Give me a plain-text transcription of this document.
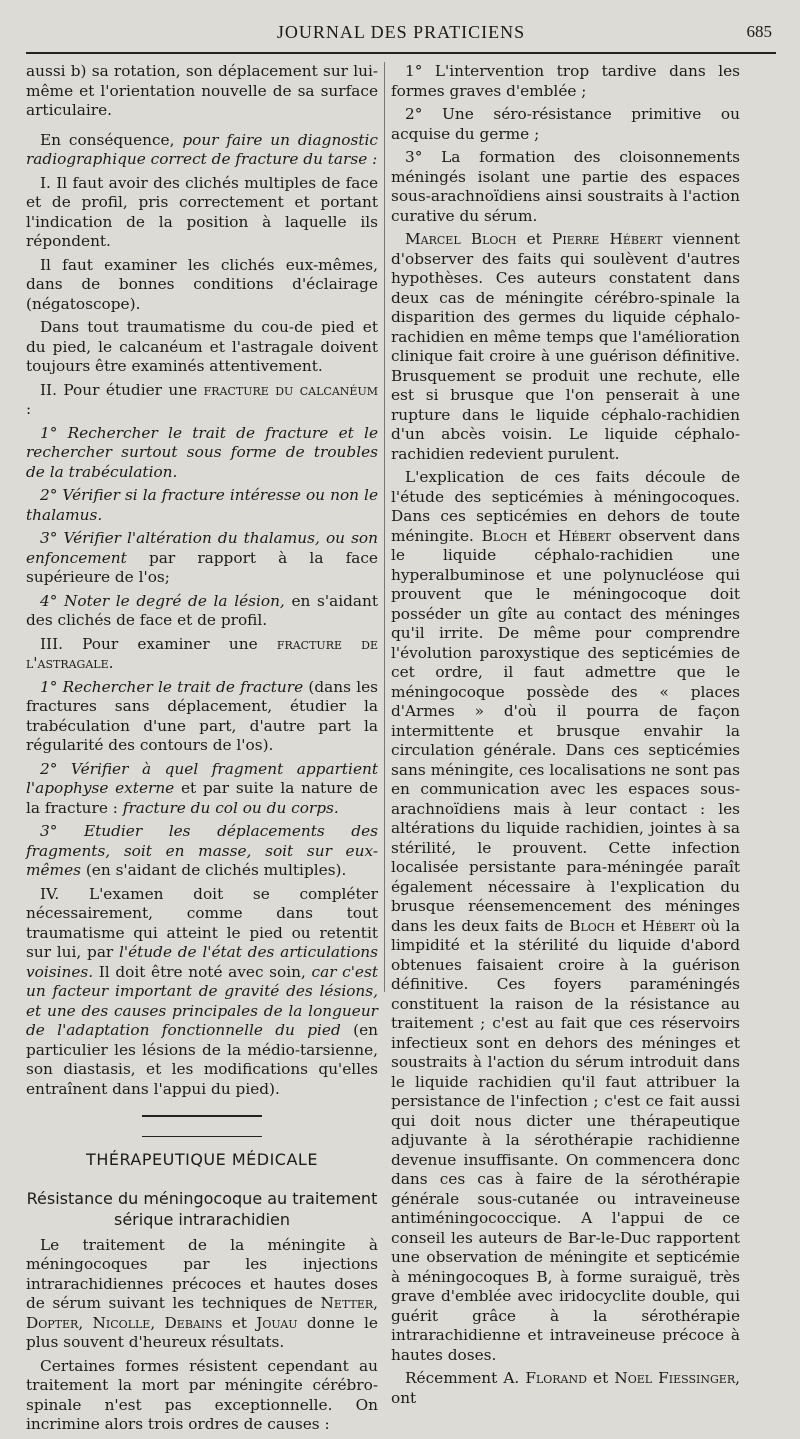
JOURNAL DES PRATICIENS	685

aussi b) sa rotation, son déplacement sur lui-même et l'orientation nouvelle de sa surface articulaire.

En conséquence, pour faire un diagnostic radiographique correct de fracture du tarse :

I. Il faut avoir des clichés multiples de face et de profil, pris correctement et portant l'indication de la position à laquelle ils répondent.

Il faut examiner les clichés eux-mêmes, dans de bonnes conditions d'éclairage (négatoscope).

Dans tout traumatisme du cou-de pied et du pied, le calcanéum et l'astragale doivent toujours être examinés attentivement.

II. Pour étudier une fracture du calcanéum :

1° Rechercher le trait de fracture et le rechercher surtout sous forme de troubles de la trabéculation.

2° Vérifier si la fracture intéresse ou non le thalamus.

3° Vérifier l'altération du thalamus, ou son enfoncement par rapport à la face supérieure de l'os;

4° Noter le degré de la lésion, en s'aidant des clichés de face et de profil.

III. Pour examiner une fracture de l'astragale.

1° Rechercher le trait de fracture (dans les fractures sans déplacement, étudier la trabéculation d'une part, d'autre part la régularité des contours de l'os).

2° Vérifier à quel fragment appartient l'apophyse externe et par suite la nature de la fracture : fracture du col ou du corps.

3° Etudier les déplacements des fragments, soit en masse, soit sur eux-mêmes (en s'aidant de clichés multiples).

IV. L'examen doit se compléter nécessairement, comme dans tout traumatisme qui atteint le pied ou retentit sur lui, par l'étude de l'état des articulations voisines. Il doit être noté avec soin, car c'est un facteur important de gravité des lésions, et une des causes principales de la longueur de l'adaptation fonctionnelle du pied (en particulier les lésions de la médio-tarsienne, son diastasis, et les modifications qu'elles entraînent dans l'appui du pied).

THÉRAPEUTIQUE MÉDICALE
Résistance du méningocoque au traitement sérique intrarachidien

Le traitement de la méningite à méningocoques par les injections intrarachidiennes précoces et hautes doses de sérum suivant les techniques de Netter, Dopter, Nicolle, Debains et Jouau donne le plus souvent d'heureux résultats.

Certaines formes résistent cependant au traitement la mort par méningite cérébro-spinale n'est pas exceptionnelle. On incrimine alors trois ordres de causes :

1° L'intervention trop tardive dans les formes graves d'emblée ;

2° Une séro-résistance primitive ou acquise du germe ;

3° La formation des cloisonnements méningés isolant une partie des espaces sous-arachnoïdiens ainsi soustraits à l'action curative du sérum.

Marcel Bloch et Pierre Hébert viennent d'observer des faits qui soulèvent d'autres hypothèses. Ces auteurs constatent dans deux cas de méningite cérébro-spinale la disparition des germes du liquide céphalo-rachidien en même temps que l'amélioration clinique fait croire à une guérison définitive. Brusquement se produit une rechute, elle est si brusque que l'on penserait à une rupture dans le liquide céphalo-rachidien d'un abcès voisin. Le liquide céphalo-rachidien redevient purulent.

L'explication de ces faits découle de l'étude des septicémies à méningocoques. Dans ces septicémies en dehors de toute méningite. Bloch et Hébert observent dans le liquide céphalo-rachidien une hyperalbuminose et une polynucléose qui prouvent que le méningocoque doit posséder un gîte au contact des méninges qu'il irrite. De même pour comprendre l'évolution paroxystique des septicémies de cet ordre, il faut admettre que le méningocoque possède des « places d'Armes » d'où il pourra de façon intermittente et brusque envahir la circulation générale. Dans ces septicémies sans méningite, ces localisations ne sont pas en communication avec les espaces sous-arachnoïdiens mais à leur contact : les altérations du liquide rachidien, jointes à sa stérilité, le prouvent. Cette infection localisée persistante para-méningée paraît également nécessaire à l'explication du brusque réensemencement des méninges dans les deux faits de Bloch et Hébert où la limpidité et la stérilité du liquide d'abord obtenues faisaient croire à la guérison définitive. Ces foyers paraméningés constituent la raison de la résistance au traitement ; c'est au fait que ces réservoirs infectieux sont en dehors des méninges et soustraits à l'action du sérum introduit dans le liquide rachidien qu'il faut attribuer la persistance de l'infection ; c'est ce fait aussi qui doit nous dicter une thérapeutique adjuvante à la sérothérapie rachidienne devenue insuffisante. On commencera donc dans ces cas à faire de la sérothérapie générale sous-cutanée ou intraveineuse antiméningococcique. A l'appui de ce conseil les auteurs de Bar-le-Duc rapportent une observation de méningite et septicémie à méningocoques B, à forme suraiguë, très grave d'emblée avec iridocyclite double, qui guérit grâce à la sérothérapie intrarachidienne et intraveineuse précoce à hautes doses.

Récemment A. Florand et Noel Fiessinger, ont
